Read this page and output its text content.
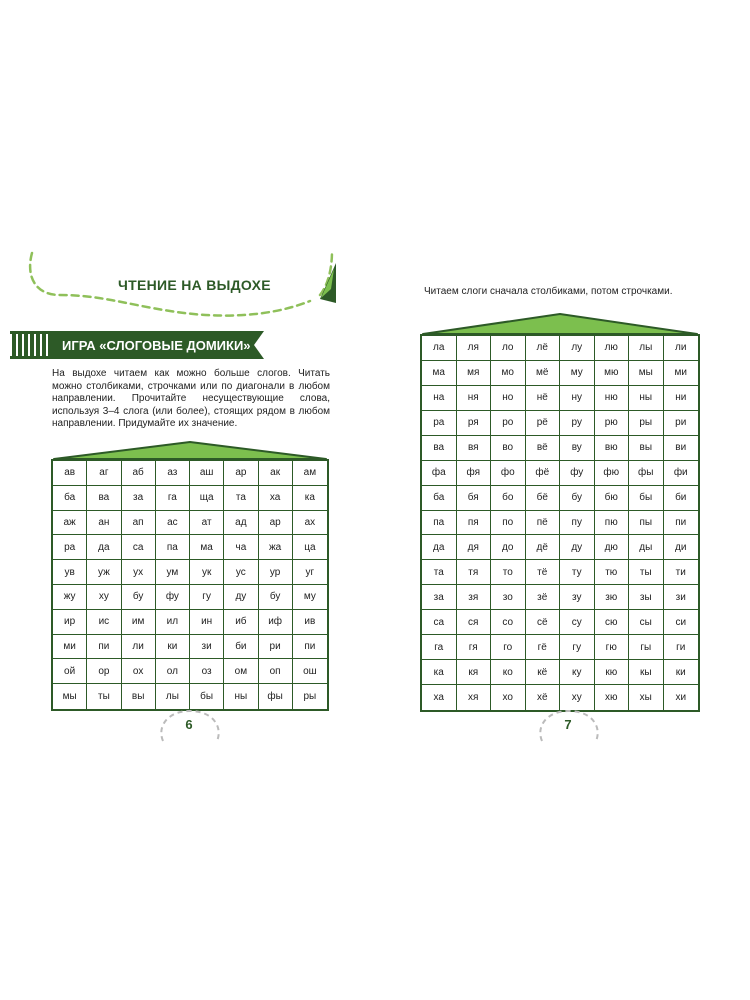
ЧТЕНИЕ НА ВЫДОХЕ
ИГРА «СЛОГОВЫЕ ДОМИКИ»
На выдохе читаем как можно больше слогов. Читать можно столбиками, строчками или по диагонали в любом направлении. Прочитайте несуществующие слова, используя 3–4 слога (или более), стоящих рядом в любом направлении. Придумайте их значение.
Читаем слоги сначала столбиками, потом строчками.
ав	аг	аб	аз	аш	ар	ак	ам
ба	ва	за	га	ща	та	ха	ка
аж	ан	ап	ас	ат	ад	ар	ах
ра	да	са	па	ма	ча	жа	ца
ув	уж	ух	ум	ук	ус	ур	уг
жу	ху	бу	фу	гу	ду	бу	му
ир	ис	им	ил	ин	иб	иф	ив
ми	пи	ли	ки	зи	би	ри	пи
ой	ор	ох	ол	оз	ом	оп	ош
мы	ты	вы	лы	бы	ны	фы	ры
ла	ля	ло	лё	лу	лю	лы	ли
ма	мя	мо	мё	му	мю	мы	ми
на	ня	но	нё	ну	ню	ны	ни
ра	ря	ро	рё	ру	рю	ры	ри
ва	вя	во	вё	ву	вю	вы	ви
фа	фя	фо	фё	фу	фю	фы	фи
ба	бя	бо	бё	бу	бю	бы	би
па	пя	по	пё	пу	пю	пы	пи
да	дя	до	дё	ду	дю	ды	ди
та	тя	то	тё	ту	тю	ты	ти
за	зя	зо	зё	зу	зю	зы	зи
са	ся	со	сё	су	сю	сы	си
га	гя	го	гё	гу	гю	гы	ги
ка	кя	ко	кё	ку	кю	кы	ки
ха	хя	хо	хё	ху	хю	хы	хи
6	7
